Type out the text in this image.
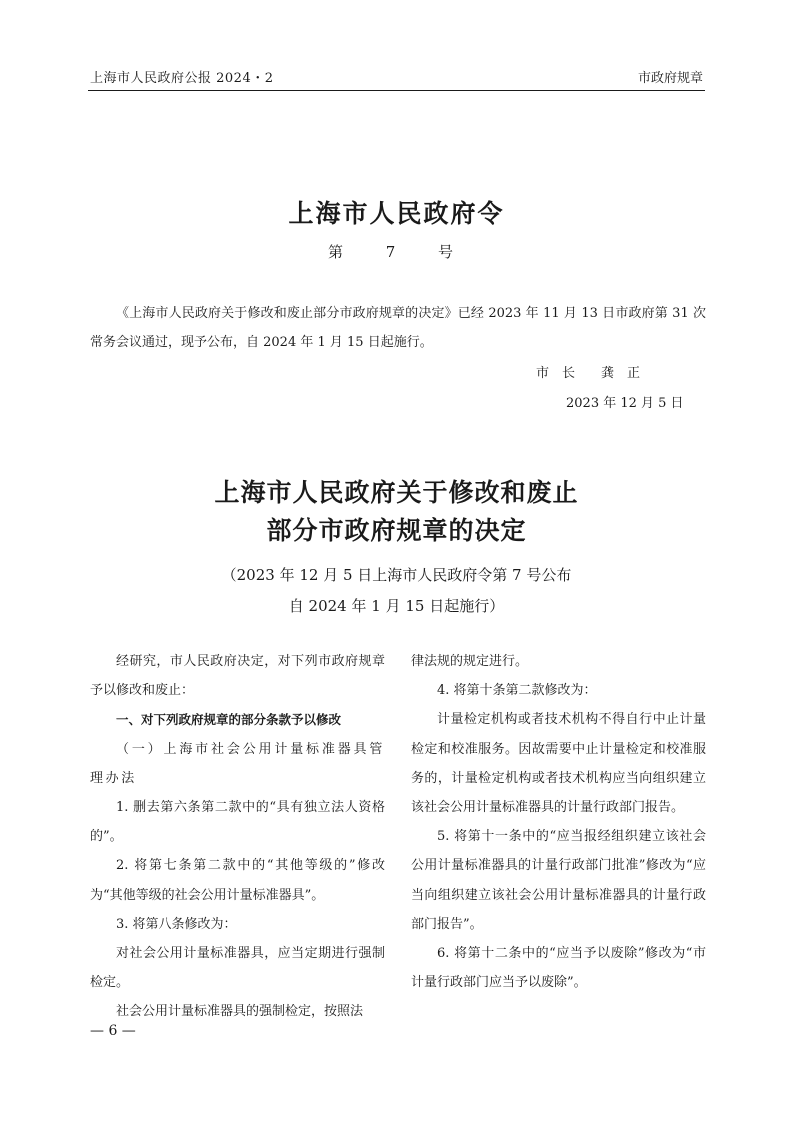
上海市人民政府公报 2024・2	市政府规章
上海市人民政府令
第 7 号
《上海市人民政府关于修改和废止部分市政府规章的决定》已经 2023 年 11 月 13 日市政府第 31 次常务会议通过，现予公布，自 2024 年 1 月 15 日起施行。
市　长　　龚　正
2023 年 12 月 5 日
上海市人民政府关于修改和废止
部分市政府规章的决定
（2023 年 12 月 5 日上海市人民政府令第 7 号公布
自 2024 年 1 月 15 日起施行）

经研究，市人民政府决定，对下列市政府规章予以修改和废止：

一、对下列政府规章的部分条款予以修改

（一）上海市社会公用计量标准器具管理办法

1. 删去第六条第二款中的“具有独立法人资格的”。

2. 将第七条第二款中的“其他等级的”修改为“其他等级的社会公用计量标准器具”。

3. 将第八条修改为：

对社会公用计量标准器具，应当定期进行强制检定。

社会公用计量标准器具的强制检定，按照法

律法规的规定进行。

4. 将第十条第二款修改为：

计量检定机构或者技术机构不得自行中止计量检定和校准服务。因故需要中止计量检定和校准服务的，计量检定机构或者技术机构应当向组织建立该社会公用计量标准器具的计量行政部门报告。

5. 将第十一条中的“应当报经组织建立该社会公用计量标准器具的计量行政部门批准”修改为“应当向组织建立该社会公用计量标准器具的计量行政部门报告”。

6. 将第十二条中的“应当予以废除”修改为“市计量行政部门应当予以废除”。

— 6 —
